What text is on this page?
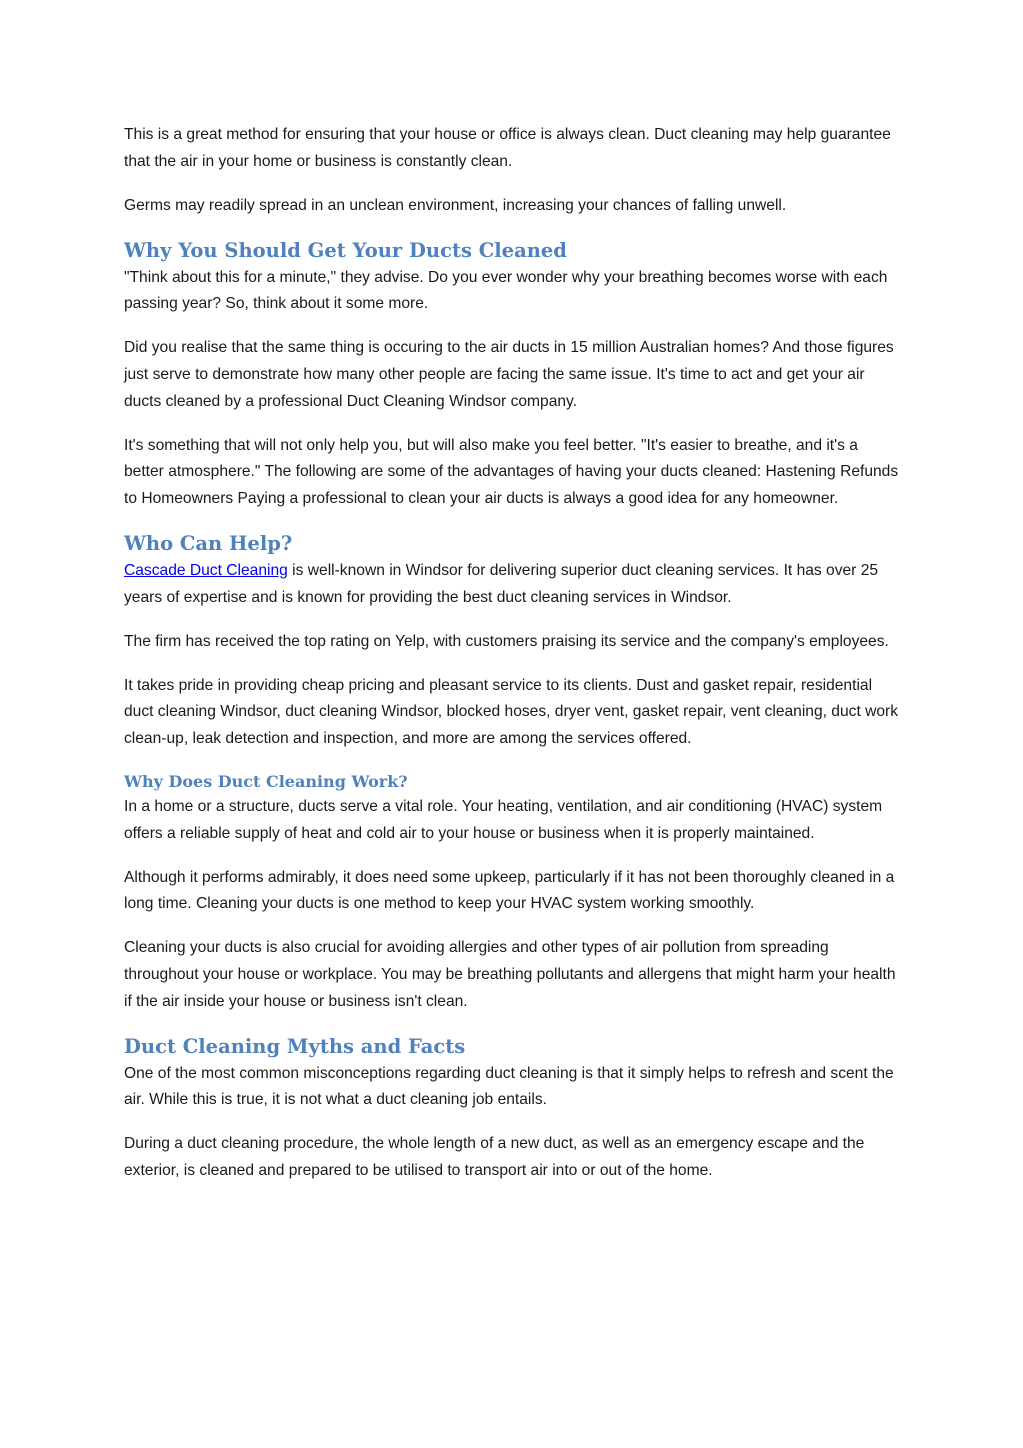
This is a great method for ensuring that your house or office is always clean. Duct cleaning may help guarantee that the air in your home or business is constantly clean.

Germs may readily spread in an unclean environment, increasing your chances of falling unwell.

Why You Should Get Your Ducts Cleaned

"Think about this for a minute," they advise. Do you ever wonder why your breathing becomes worse with each passing year? So, think about it some more.

Did you realise that the same thing is occuring to the air ducts in 15 million Australian homes? And those figures just serve to demonstrate how many other people are facing the same issue. It's time to act and get your air ducts cleaned by a professional Duct Cleaning Windsor company.

It's something that will not only help you, but will also make you feel better. "It's easier to breathe, and it's a better atmosphere." The following are some of the advantages of having your ducts cleaned: Hastening Refunds to Homeowners Paying a professional to clean your air ducts is always a good idea for any homeowner.

Who Can Help?

Cascade Duct Cleaning is well-known in Windsor for delivering superior duct cleaning services. It has over 25 years of expertise and is known for providing the best duct cleaning services in Windsor.

The firm has received the top rating on Yelp, with customers praising its service and the company's employees.

It takes pride in providing cheap pricing and pleasant service to its clients. Dust and gasket repair, residential duct cleaning Windsor, duct cleaning Windsor, blocked hoses, dryer vent, gasket repair, vent cleaning, duct work clean-up, leak detection and inspection, and more are among the services offered.

Why Does Duct Cleaning Work?

In a home or a structure, ducts serve a vital role. Your heating, ventilation, and air conditioning (HVAC) system offers a reliable supply of heat and cold air to your house or business when it is properly maintained.

Although it performs admirably, it does need some upkeep, particularly if it has not been thoroughly cleaned in a long time. Cleaning your ducts is one method to keep your HVAC system working smoothly.

Cleaning your ducts is also crucial for avoiding allergies and other types of air pollution from spreading throughout your house or workplace. You may be breathing pollutants and allergens that might harm your health if the air inside your house or business isn't clean.

Duct Cleaning Myths and Facts

One of the most common misconceptions regarding duct cleaning is that it simply helps to refresh and scent the air. While this is true, it is not what a duct cleaning job entails.

During a duct cleaning procedure, the whole length of a new duct, as well as an emergency escape and the exterior, is cleaned and prepared to be utilised to transport air into or out of the home.
